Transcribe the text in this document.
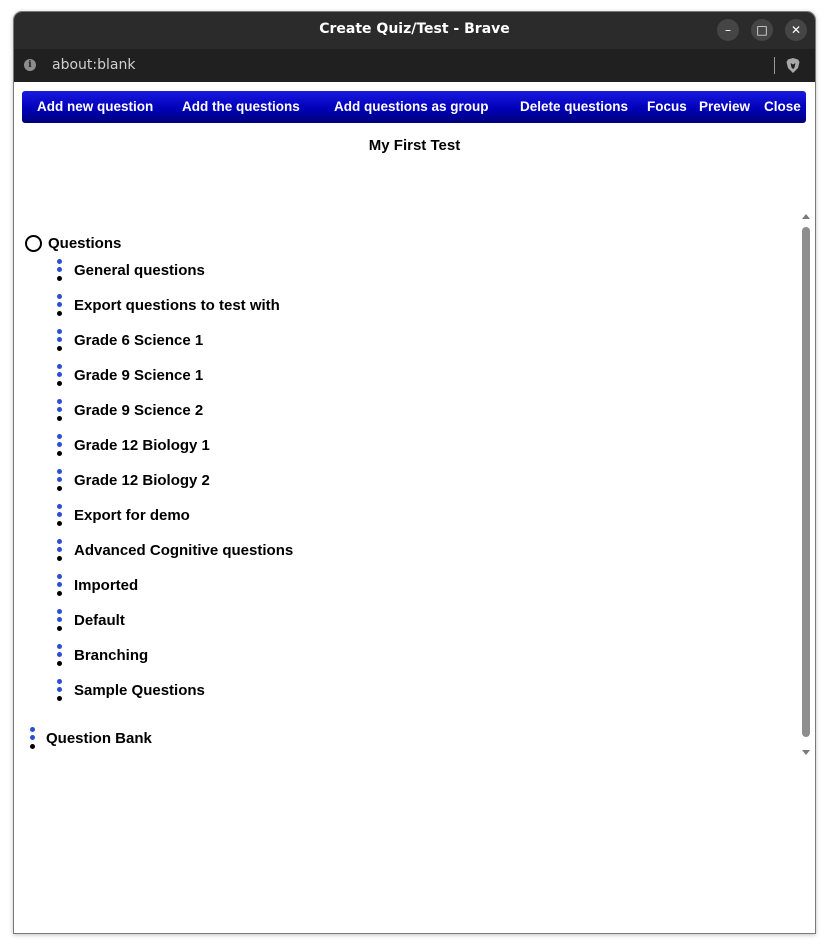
Create Quiz/Test - Brave	– □ ✕
i	about:blank
Add new question Add the questions	Add questions as group Delete questions Focus Preview Close
My First Test
Questions
General questions
Export questions to test with
Grade 6 Science 1
Grade 9 Science 1
Grade 9 Science 2
Grade 12 Biology 1
Grade 12 Biology 2
Export for demo
Advanced Cognitive questions
Imported
Default
Branching
Sample Questions
Question Bank
